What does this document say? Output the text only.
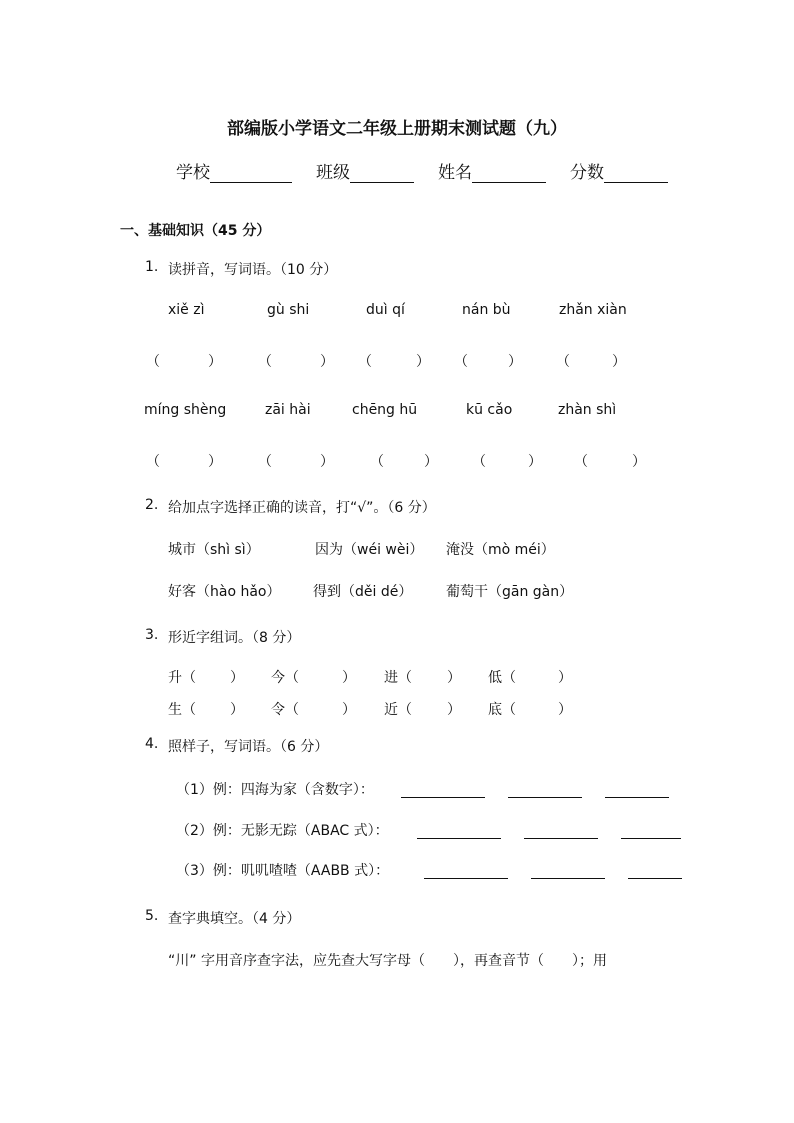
部编版小学语文二年级上册期末测试题（九）
学校	班级	姓名	分数
一、基础知识（45 分）
1. 读拼音，写词语。（10 分）
xiě zì	gù shi	duì qí	nán bù	zhǎn xiàn
（	）	（	） （	） （	） （	）
míng shèng	zāi hài	chēng hū	kū cǎo	zhàn shì
（	）	（	）	（	） （	） （	）
2. 给加点字选择正确的读音，打“√”。（6 分）
城市（shì sì）	因为（wéi wèi） 淹没（mò méi）
好客（hào hǎo） 得到（děi dé） 葡萄干（gān gàn）
3. 形近字组词。（8 分）
升（ ） 今（	） 进（	） 低（	）
生（ ） 令（	） 近（	） 底（	）
4. 照样子，写词语。（6 分）
（1）例：四海为家（含数字）：

（2）例：无影无踪（ABAC 式）：

（3）例：叽叽喳喳（AABB 式）：

5. 查字典填空。（4 分）
“川” 字用音序查字法，应先查大写字母（　　），再查音节（　　）；用
